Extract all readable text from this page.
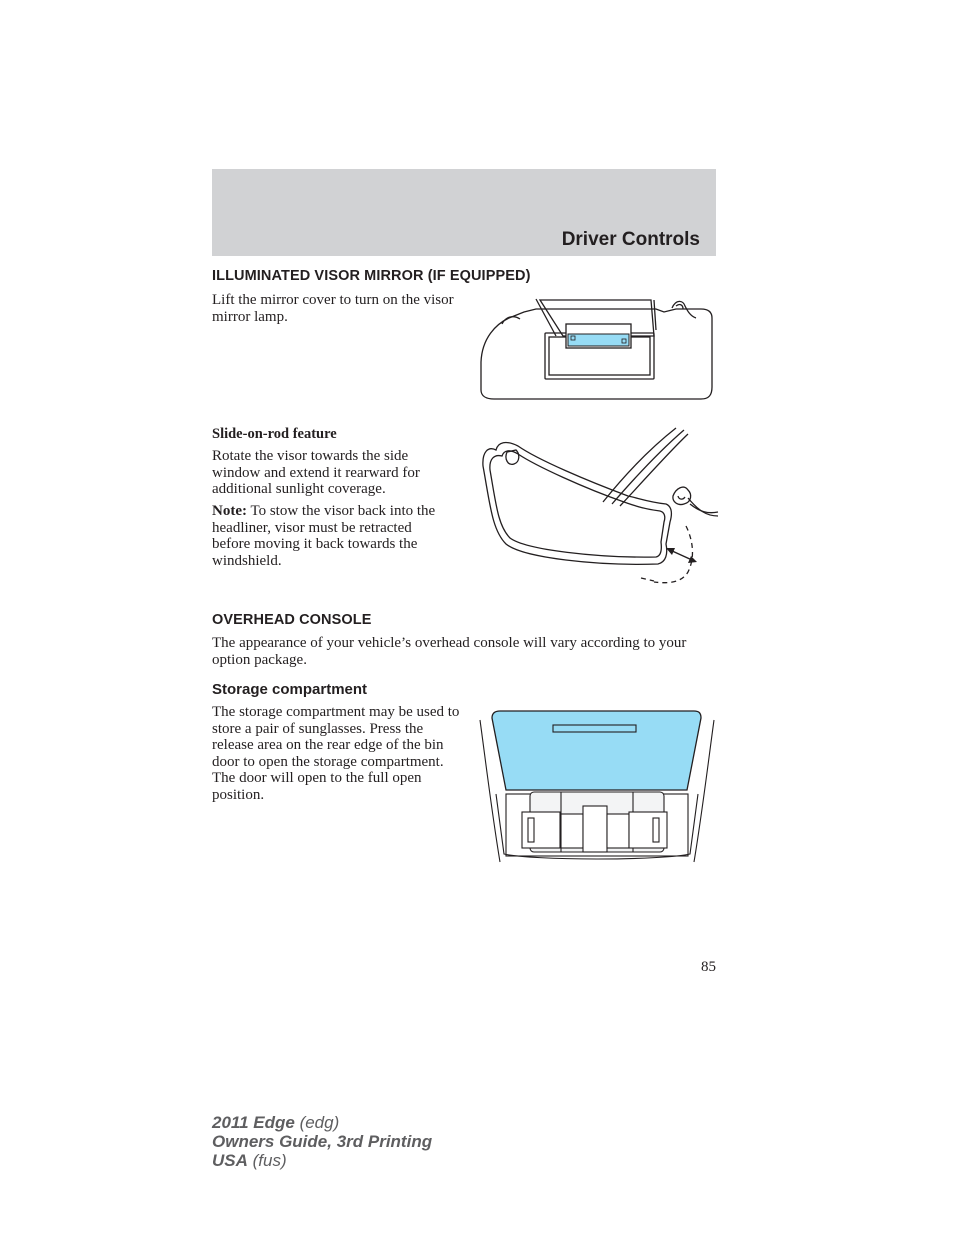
Driver Controls
ILLUMINATED VISOR MIRROR (IF EQUIPPED)

Lift the mirror cover to turn on the visor mirror lamp.

Slide-on-rod feature

Rotate the visor towards the side window and extend it rearward for additional sunlight coverage.

Note: To stow the visor back into the headliner, visor must be retracted before moving it back towards the windshield.

OVERHEAD CONSOLE

The appearance of your vehicle’s overhead console will vary according to your option package.

Storage compartment

The storage compartment may be used to store a pair of sunglasses. Press the release area on the rear edge of the bin door to open the storage compartment. The door will open to the full open position.

85
2011 Edge (edg)
Owners Guide, 3rd Printing
USA (fus)
